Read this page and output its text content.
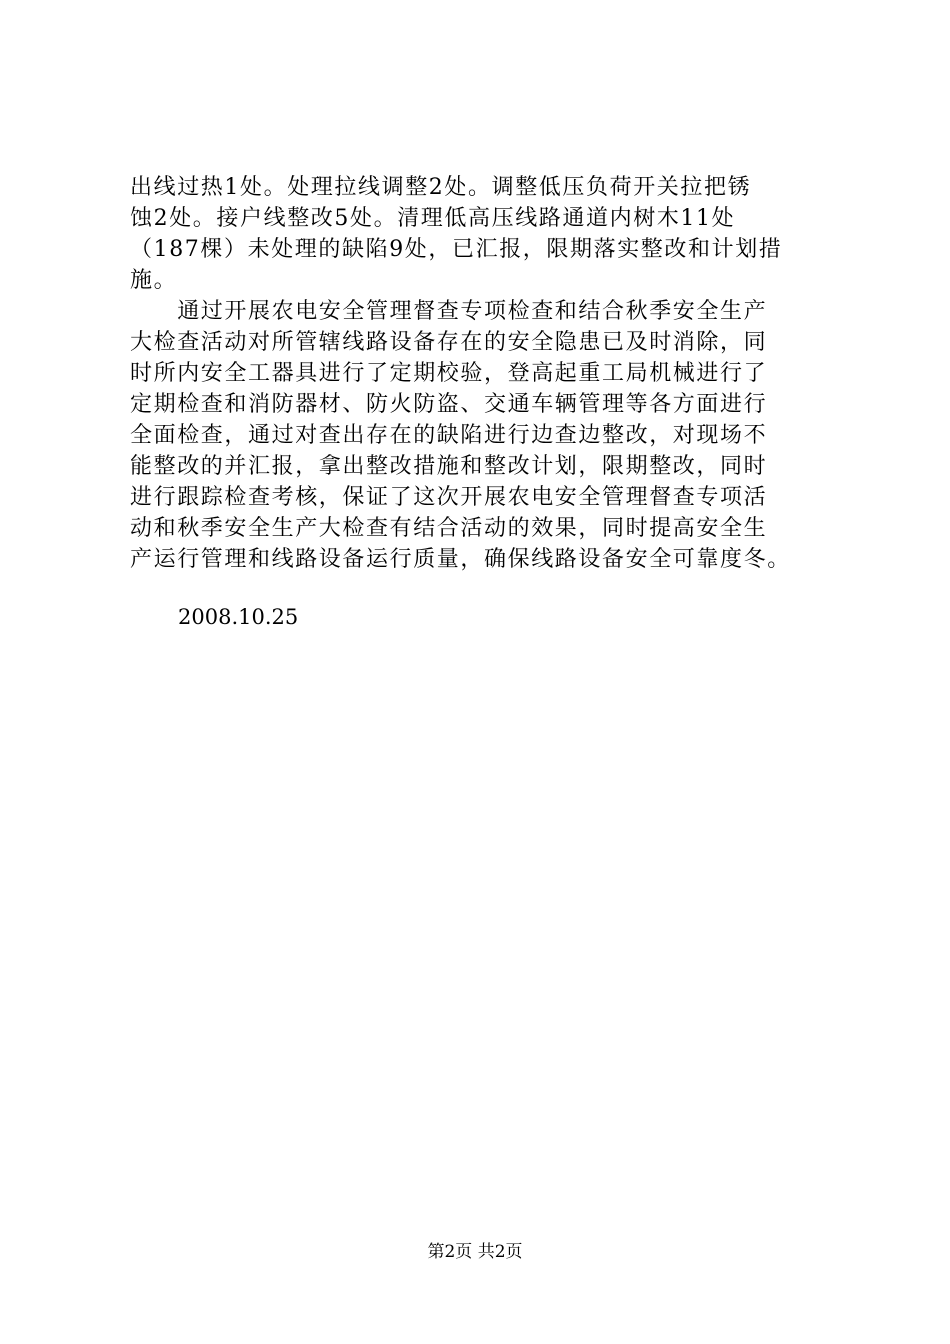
出线过热1处。处理拉线调整2处。调整低压负荷开关拉把锈
蚀2处。接户线整改5处。清理低高压线路通道内树木11处
（187棵）未处理的缺陷9处，已汇报，限期落实整改和计划措
施。
　　通过开展农电安全管理督查专项检查和结合秋季安全生产
大检查活动对所管辖线路设备存在的安全隐患已及时消除，同
时所内安全工器具进行了定期校验，登高起重工局机械进行了
定期检查和消防器材、防火防盗、交通车辆管理等各方面进行
全面检查，通过对查出存在的缺陷进行边查边整改，对现场不
能整改的并汇报，拿出整改措施和整改计划，限期整改，同时
进行跟踪检查考核，保证了这次开展农电安全管理督查专项活
动和秋季安全生产大检查有结合活动的效果，同时提高安全生
产运行管理和线路设备运行质量，确保线路设备安全可靠度冬。
2008.10.25
第2页 共2页
